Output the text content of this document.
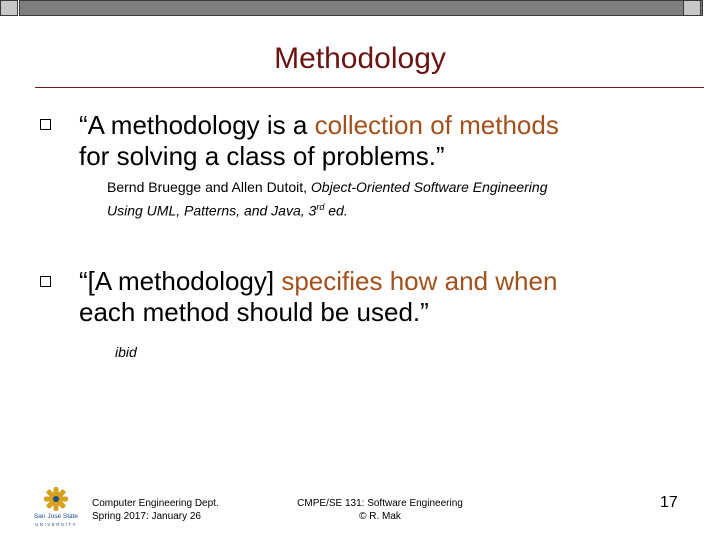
Methodology
“A methodology is a collection of methods
for solving a class of problems.”
Bernd Bruegge and Allen Dutoit, Object-Oriented Software Engineering
Using UML, Patterns, and Java, 3rd ed.
“[A methodology] specifies how and when
each method should be used.”
ibid
San José State
UNIVERSITY
Computer Engineering Dept.
Spring 2017: January 26
CMPE/SE 131: Software Engineering
© R. Mak
17
